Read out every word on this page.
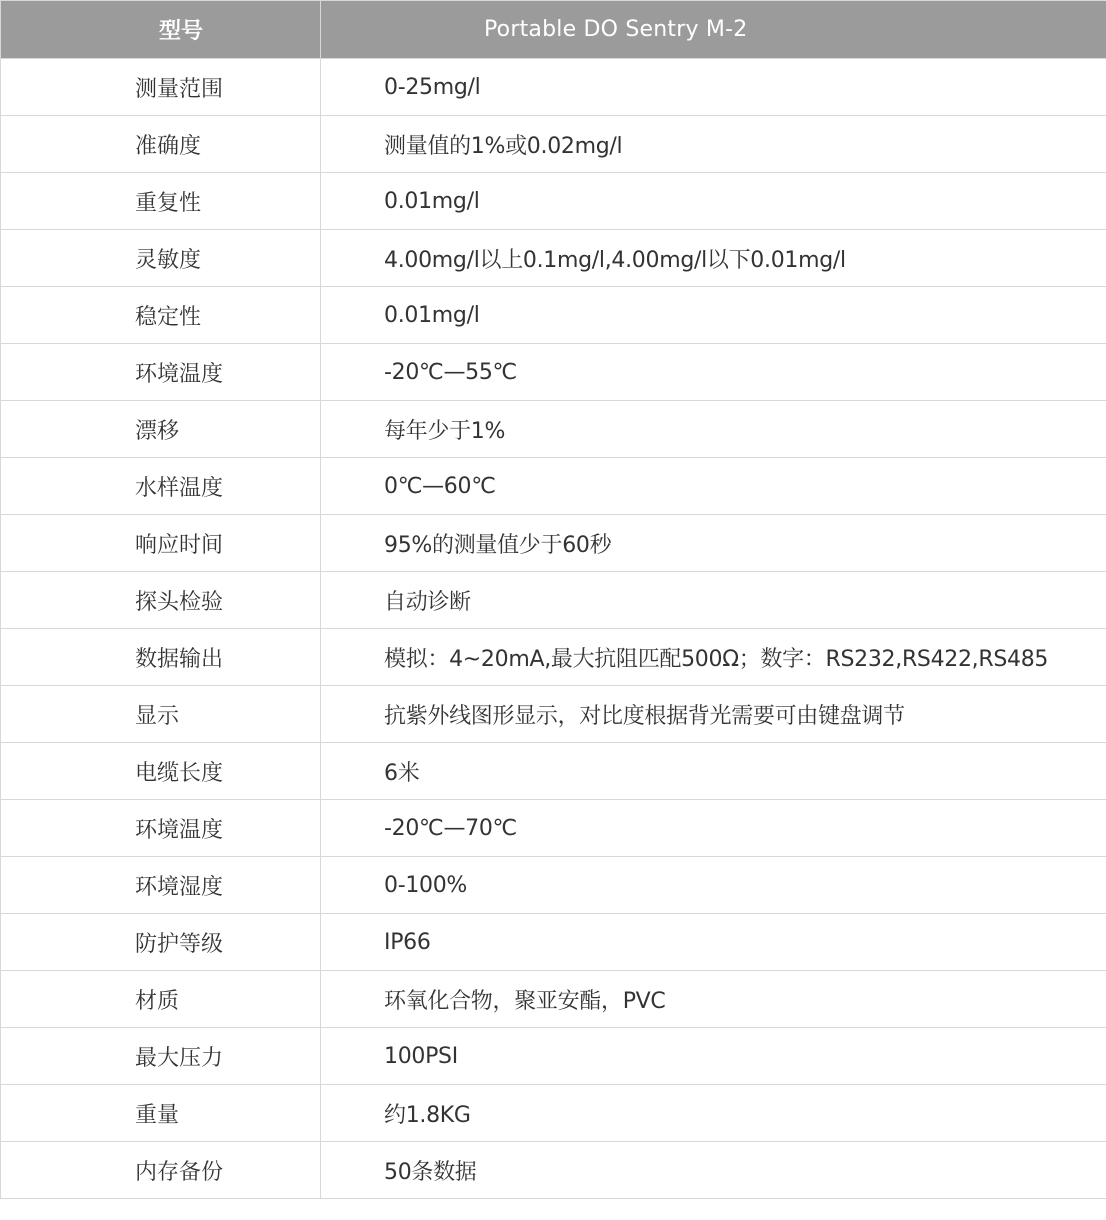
型号	Portable DO Sentry M-2
测量范围	0-25mg/l
准确度	测量值的1%或0.02mg/l
重复性	0.01mg/l
灵敏度	4.00mg/l以上0.1mg/l,4.00mg/l以下0.01mg/l
稳定性	0.01mg/l
环境温度	-20℃—55℃
漂移	每年少于1%
水样温度	0℃—60℃
响应时间	95%的测量值少于60秒
探头检验	自动诊断
数据输出	模拟：4~20mA,最大抗阻匹配500Ω；数字：RS232,RS422,RS485
显示	抗紫外线图形显示，对比度根据背光需要可由键盘调节
电缆长度	6米
环境温度	-20℃—70℃
环境湿度	0-100%
防护等级	IP66
材质	环氧化合物，聚亚安酯，PVC
最大压力	100PSI
重量	约1.8KG
内存备份	50条数据
